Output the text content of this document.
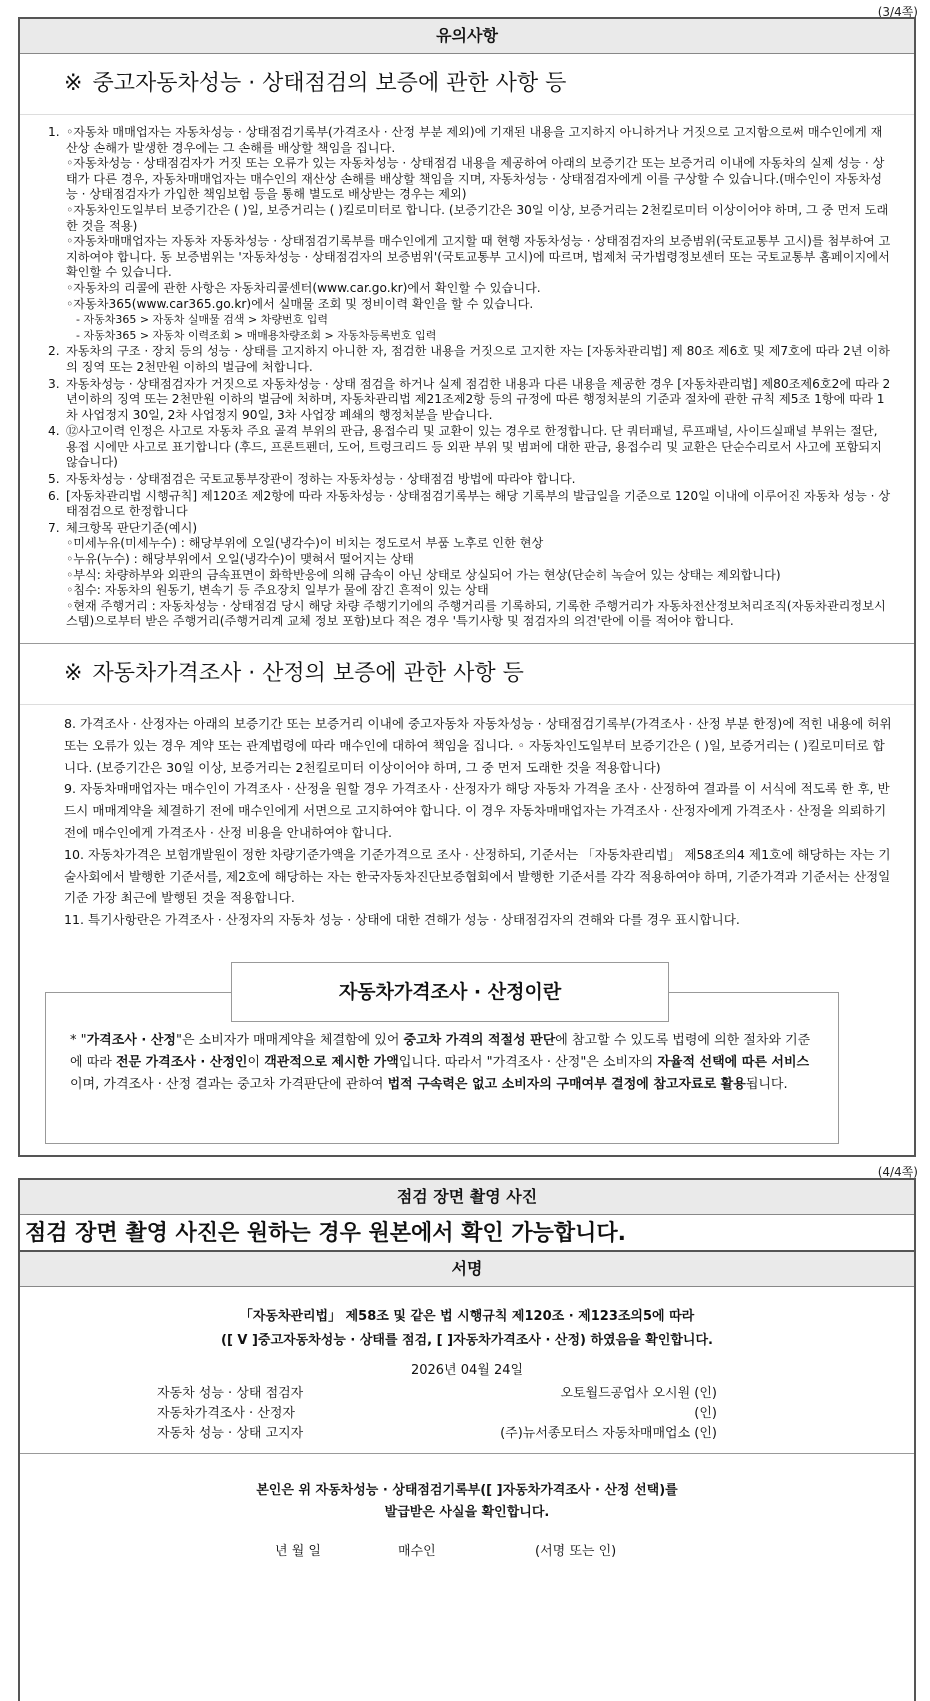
(3/4쪽)
유의사항
※ 중고자동차성능 · 상태점검의 보증에 관한 사항 등
1.
◦	자동차 매매업자는 자동차성능 · 상태점검기록부(가격조사 · 산정 부분 제외)에 기재된 내용을 고지하지 아니하거나 거짓으로 고지함으로써 매수인에게 재산상 손해가 발생한 경우에는 그 손해를 배상할 책임을 집니다.
◦ 자동차성능 · 상태점검자가 거짓 또는 오류가 있는 자동차성능 · 상태점검 내용을 제공하여 아래의 보증기간 또는 보증거리 이내에 자동차의 실제 성능 · 상태가 다른 경우, 자동차매매업자는 매수인의 재산상 손해를 배상할 책임을 지며, 자동차성능 · 상태점검자에게 이를 구상할 수 있습니다.(매수인이 자동차성능 · 상태점검자가 가입한 책임보험 등을 통해 별도로 배상받는 경우는 제외)
◦ 자동차인도일부터 보증기간은 ( )일, 보증거리는 ( )킬로미터로 합니다. (보증기간은 30일 이상, 보증거리는 2천킬로미터 이상이어야 하며, 그 중 먼저 도래한 것을 적용)
◦ 자동차매매업자는 자동차 자동차성능 · 상태점검기록부를 매수인에게 고지할 때 현행 자동차성능 · 상태점검자의 보증범위(국토교통부 고시)를 첨부하여 고지하여야 합니다. 동 보증범위는 '자동차성능 · 상태점검자의 보증범위'(국토교통부 고시)에 따르며, 법제처 국가법령정보센터 또는 국토교통부 홈페이지에서 확인할 수 있습니다.
◦ 자동차의 리콜에 관한 사항은 자동차리콜센터(www.car.go.kr)에서 확인할 수 있습니다.
◦ 자동차365(www.car365.go.kr)에서 실매물 조회 및 정비이력 확인을 할 수 있습니다.
- 자동차365 > 자동차 실매물 검색 > 차량번호 입력
- 자동차365 > 자동차 이력조회 > 매매용차량조회 > 자동차등록번호 입력
2. 자동차의 구조 · 장치 등의 성능 · 상태를 고지하지 아니한 자, 점검한 내용을 거짓으로 고지한 자는 [자동차관리법] 제 80조 제6호 및 제7호에 따라 2년 이하의 징역 또는 2천만원 이하의 벌금에 처합니다.
3. 자동차성능 · 상태점검자가 거짓으로 자동차성능 · 상태 점검을 하거나 실제 점검한 내용과 다른 내용을 제공한 경우 [자동차관리법] 제80조제6호2에 따라 2년이하의 징역 또는 2천만원 이하의 벌금에 처하며, 자동차관리법 제21조제2항 등의 규정에 따른 행정처분의 기준과 절차에 관한 규칙 제5조 1항에 따라 1차 사업정지 30일, 2차 사업정지 90일, 3차 사업장 폐쇄의 행정처분을 받습니다.
4. ⑫사고이력 인정은 사고로 자동차 주요 골격 부위의 판금, 용접수리 및 교환이 있는 경우로 한정합니다. 단 쿼터패널, 루프패널, 사이드실패널 부위는 절단, 용접 시에만 사고로 표기합니다 (후드, 프론트펜더, 도어, 트렁크리드 등 외판 부위 및 범퍼에 대한 판금, 용접수리 및 교환은 단순수리로서 사고에 포함되지 않습니다)
5. 자동차성능 · 상태점검은 국토교통부장관이 정하는 자동차성능 · 상태점검 방법에 따라야 합니다.
6. [자동차관리법 시행규칙] 제120조 제2항에 따라 자동차성능 · 상태점검기록부는 해당 기록부의 발급일을 기준으로 120일 이내에 이루어진 자동차 성능 · 상태점검으로 한정합니다
7. 체크항목 판단기준(예시)
◦ 미세누유(미세누수) : 해당부위에 오일(냉각수)이 비치는 정도로서 부품 노후로 인한 현상
◦ 누유(누수) : 해당부위에서 오일(냉각수)이 맺혀서 떨어지는 상태
◦ 부식: 차량하부와 외판의 금속표면이 화학반응에 의해 금속이 아닌 상태로 상실되어 가는 현상(단순히 녹슬어 있는 상태는 제외합니다)
◦ 침수: 자동차의 원동기, 변속기 등 주요장치 일부가 물에 잠긴 흔적이 있는 상태
◦ 현재 주행거리 : 자동차성능 · 상태점검 당시 해당 차량 주행기기에의 주행거리를 기록하되, 기록한 주행거리가 자동차전산정보처리조직(자동차관리정보시스템)으로부터 받은 주행거리(주행거리계 교체 정보 포함)보다 적은 경우 '특기사항 및 점검자의 의견'란에 이를 적어야 합니다.
※ 자동차가격조사 · 산정의 보증에 관한 사항 등

8. 가격조사 · 산정자는 아래의 보증기간 또는 보증거리 이내에 중고자동차 자동차성능 · 상태점검기록부(가격조사 · 산정 부분 한정)에 적힌 내용에 허위 또는 오류가 있는 경우 계약 또는 관계법령에 따라 매수인에 대하여 책임을 집니다. ◦ 자동차인도일부터 보증기간은 ( )일, 보증거리는 ( )킬로미터로 합니다. (보증기간은 30일 이상, 보증거리는 2천킬로미터 이상이어야 하며, 그 중 먼저 도래한 것을 적용합니다)

9. 자동차매매업자는 매수인이 가격조사 · 산정을 원할 경우 가격조사 · 산정자가 해당 자동차 가격을 조사 · 산정하여 결과를 이 서식에 적도록 한 후, 반드시 매매계약을 체결하기 전에 매수인에게 서면으로 고지하여야 합니다. 이 경우 자동차매매업자는 가격조사 · 산정자에게 가격조사 · 산정을 의뢰하기 전에 매수인에게 가격조사 · 산정 비용을 안내하여야 합니다.

10. 자동차가격은 보험개발원이 정한 차량기준가액을 기준가격으로 조사 · 산정하되, 기준서는 「자동차관리법」 제58조의4 제1호에 해당하는 자는 기술사회에서 발행한 기준서를, 제2호에 해당하는 자는 한국자동차진단보증협회에서 발행한 기준서를 각각 적용하여야 하며, 기준가격과 기준서는 산정일 기준 가장 최근에 발행된 것을 적용합니다.

11. 특기사항란은 가격조사 · 산정자의 자동차 성능 · 상태에 대한 견해가 성능 · 상태점검자의 견해와 다를 경우 표시합니다.

자동차가격조사 · 산정이란
* "가격조사 · 산정"은 소비자가 매매계약을 체결함에 있어 중고차 가격의 적절성 판단에 참고할 수 있도록 법령에 의한 절차와 기준에 따라 전문 가격조사 · 산정인이 객관적으로 제시한 가액입니다. 따라서 "가격조사 · 산정"은 소비자의 자율적 선택에 따른 서비스이며, 가격조사 · 산정 결과는 중고차 가격판단에 관하여 법적 구속력은 없고 소비자의 구매여부 결정에 참고자료로 활용됩니다.
(4/4쪽)
점검 장면 촬영 사진
점검 장면 촬영 사진은 원하는 경우 원본에서 확인 가능합니다.
서명
「자동차관리법」 제58조 및 같은 법 시행규칙 제120조 · 제123조의5에 따라
([ V ]중고자동차성능 · 상태를 점검, [ ]자동차가격조사 · 산정) 하였음을 확인합니다.
2026년 04월 24일
자동차 성능 · 상태 점검자	오토월드공업사 오시원 (인)
자동차가격조사 · 산정자	(인)
자동차 성능 · 상태 고지자	(주)뉴서종모터스 자동차매매업소 (인)
본인은 위 자동차성능 · 상태점검기록부([ ]자동차가격조사 · 산정 선택)를
발급받은 사실을 확인합니다.
년 월 일	매수인	(서명 또는 인)
